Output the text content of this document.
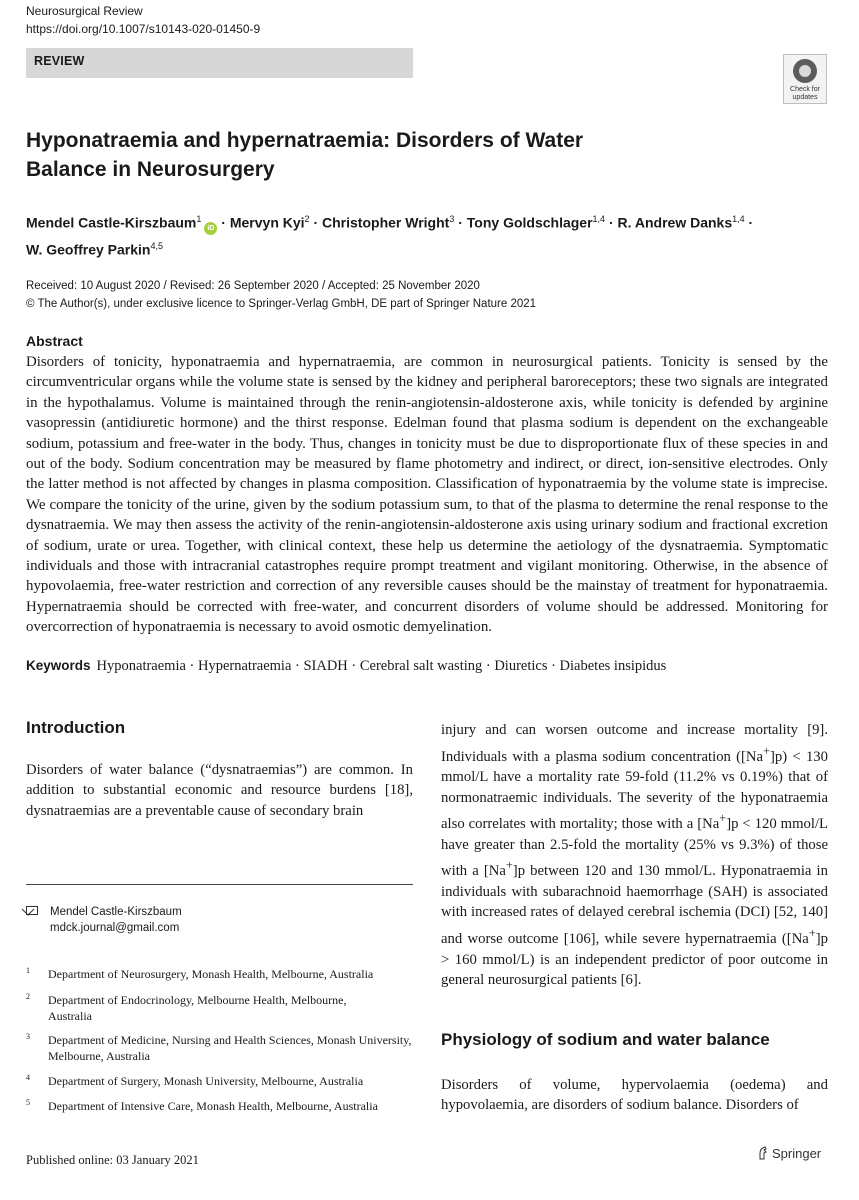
Neurosurgical Review
https://doi.org/10.1007/s10143-020-01450-9
REVIEW
Check for updates
Hyponatraemia and hypernatraemia: Disorders of Water Balance in Neurosurgery
Mendel Castle-Kirszbaum$^1$iD · Mervyn Kyi$^2$ · Christopher Wright$^3$ · Tony Goldschlager$^{1,4}$ · R. Andrew Danks$^{1,4}$ ·
W. Geoffrey Parkin$^{4,5}$
Received: 10 August 2020 / Revised: 26 September 2020 / Accepted: 25 November 2020
© The Author(s), under exclusive licence to Springer-Verlag GmbH, DE part of Springer Nature 2021
Abstract
Disorders of tonicity, hyponatraemia and hypernatraemia, are common in neurosurgical patients. Tonicity is sensed by the circumventricular organs while the volume state is sensed by the kidney and peripheral baroreceptors; these two signals are integrated in the hypothalamus. Volume is maintained through the renin-angiotensin-aldosterone axis, while tonicity is defended by arginine vasopressin (antidiuretic hormone) and the thirst response. Edelman found that plasma sodium is dependent on the exchangeable sodium, potassium and free-water in the body. Thus, changes in tonicity must be due to disproportionate flux of these species in and out of the body. Sodium concentration may be measured by flame photometry and indirect, or direct, ion-sensitive electrodes. Only the latter method is not affected by changes in plasma composition. Classification of hyponatraemia by the volume state is imprecise. We compare the tonicity of the urine, given by the sodium potassium sum, to that of the plasma to determine the renal response to the dysnatraemia. We may then assess the activity of the renin-angiotensin-aldosterone axis using urinary sodium and fractional excretion of sodium, urate or urea. Together, with clinical context, these help us determine the aetiology of the dysnatraemia. Symptomatic individuals and those with intracranial catastrophes require prompt treatment and vigilant monitoring. Otherwise, in the absence of hypovolaemia, free-water restriction and correction of any reversible causes should be the mainstay of treatment for hyponatraemia. Hypernatraemia should be corrected with free-water, and concurrent disorders of volume should be addressed. Monitoring for overcorrection of hyponatraemia is necessary to avoid osmotic demyelination.
Keywords Hyponatraemia · Hypernatraemia · SIADH · Cerebral salt wasting · Diuretics · Diabetes insipidus
Introduction
Disorders of water balance (“dysnatraemias”) are common. In addition to substantial economic and resource burdens [18], dysnatraemias are a preventable cause of secondary brain
injury and can worsen outcome and increase mortality [9]. Individuals with a plasma sodium concentration ([Na+]p) < 130 mmol/L have a mortality rate 59-fold (11.2% vs 0.19%) that of normonatraemic individuals. The severity of the hyponatraemia also correlates with mortality; those with a [Na+]p < 120 mmol/L have greater than 2.5-fold the mortality (25% vs 9.3%) of those with a [Na+]p between 120 and 130 mmol/L. Hyponatraemia in individuals with subarachnoid haemorrhage (SAH) is associated with increased rates of delayed cerebral ischemia (DCI) [52, 140] and worse outcome [106], while severe hypernatraemia ([Na+]p > 160 mmol/L) is an independent predictor of poor outcome in general neurosurgical patients [6].
Mendel Castle-Kirszbaum
mdck.journal@gmail.com
1 Department of Neurosurgery, Monash Health, Melbourne, Australia
2 Department of Endocrinology, Melbourne Health, Melbourne, Australia
3 Department of Medicine, Nursing and Health Sciences, Monash University, Melbourne, Australia
4 Department of Surgery, Monash University, Melbourne, Australia
5 Department of Intensive Care, Monash Health, Melbourne, Australia
Physiology of sodium and water balance
Disorders of volume, hypervolaemia (oedema) and hypovolaemia, are disorders of sodium balance. Disorders of
Published online: 03 January 2021	Springer
